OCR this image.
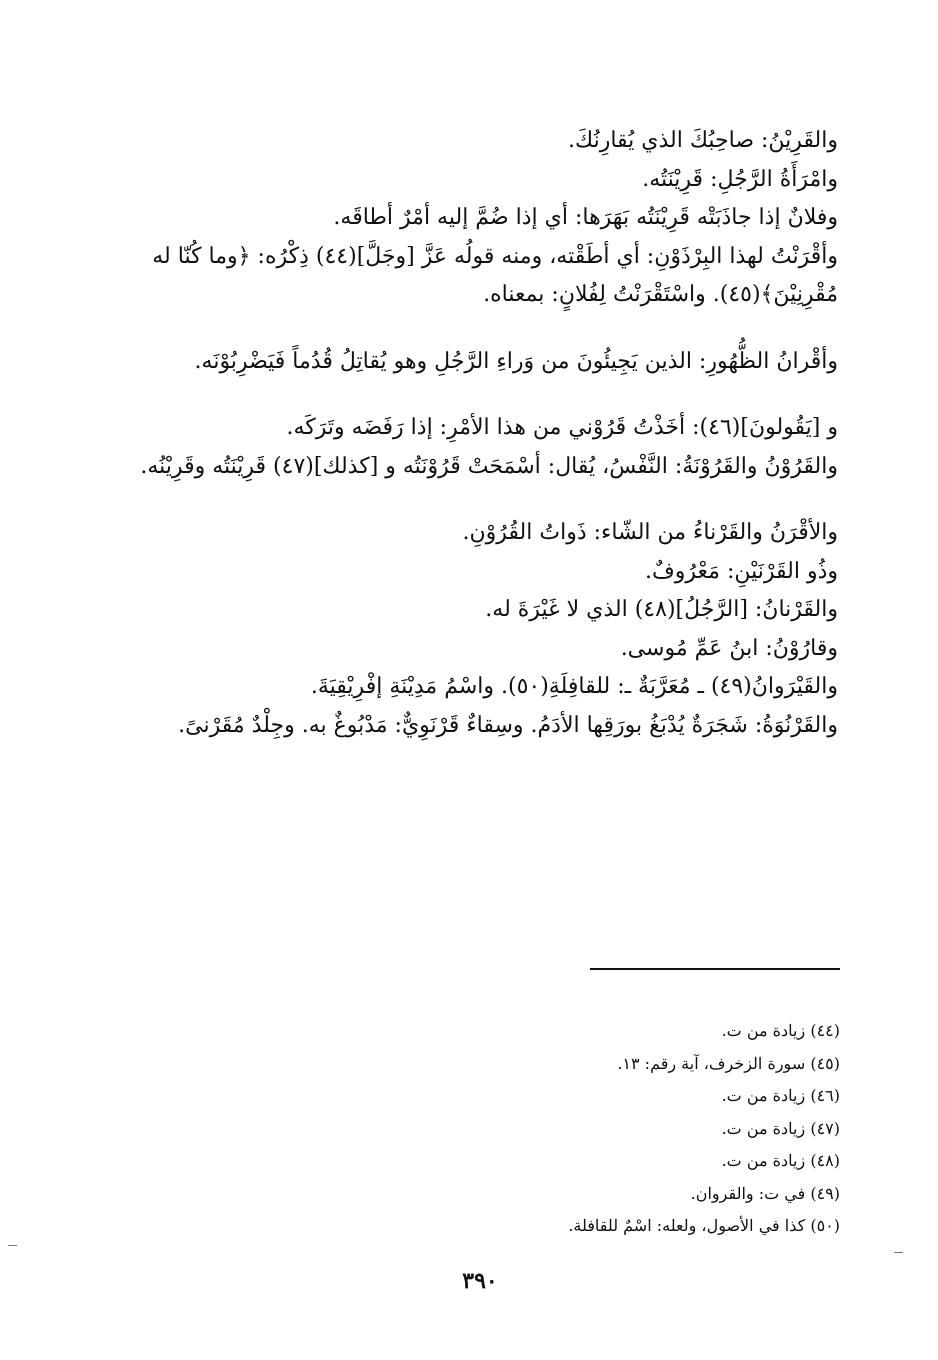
والقَرِيْنُ: صاحِبُكَ الذي يُقارِنُكَ.

وامْرَأَةُ الرَّجُلِ: قَرِيْنَتُه.

وفلانٌ إذا جاذَبَتْه قَرِيْنَتُه بَهَرَها: أي إذا ضُمَّ إليه أمْرٌ أطاقَه.

وأقْرَنْتُ لهذا البِرْذَوْنِ: أي أطَقْته، ومنه قولُه عَزَّ [وجَلَّ](٤٤) ذِكْرُه: ﴿وما كُنّا له مُقْرِنِيْنَ﴾(٤٥). واسْتَقْرَنْتُ لِفُلانٍ: بمعناه.

وأقْرانُ الظُّهُورِ: الذين يَجِيئُونَ من وَراءِ الرَّجُلِ وهو يُقاتِلُ قُدُماً فَيَضْرِبُوْنَه.

و [يَقُولونَ](٤٦): أخَذْتُ قَرُوْني من هذا الأمْرِ: إذا رَفَضَه وتَرَكَه.

والقَرُوْنُ والقَرُوْنَةُ: النَّفْسُ، يُقال: أسْمَحَتْ قَرُوْنَتُه و [كذلك](٤٧) قَرِيْنَتُه وقَرِيْنُه.

والأقْرَنُ والقَرْناءُ من الشّاء: ذَواتُ القُرُوْنِ.

وذُو القَرْنَيْنِ: مَعْرُوفٌ.

والقَرْنانُ: [الرَّجُلُ](٤٨) الذي لا غَيْرَةَ له.

وقارُوْنُ: ابنُ عَمِّ مُوسى.

والقَيْرَوانُ(٤٩) ـ مُعَرَّبَةٌ ـ: للقافِلَةِ(٥٠). واسْمُ مَدِيْنَةِ إفْرِيْقِيَةَ.

والقَرْنُوَةُ: شَجَرَةٌ يُدْبَغُ بورَقِها الأدَمُ. وسِقاءٌ قَرْنَوِيٌّ: مَدْبُوغٌ به. وجِلْدٌ مُقَرْنىً.

(٤٤) زيادة من ت.
(٤٥) سورة الزخرف، آية رقم: ١٣.
(٤٦) زيادة من ت.
(٤٧) زيادة من ت.
(٤٨) زيادة من ت.
(٤٩) في ت: والقروان.
(٥٠) كذا في الأصول، ولعله: اسْمٌ للقافلة.
٣٩٠
